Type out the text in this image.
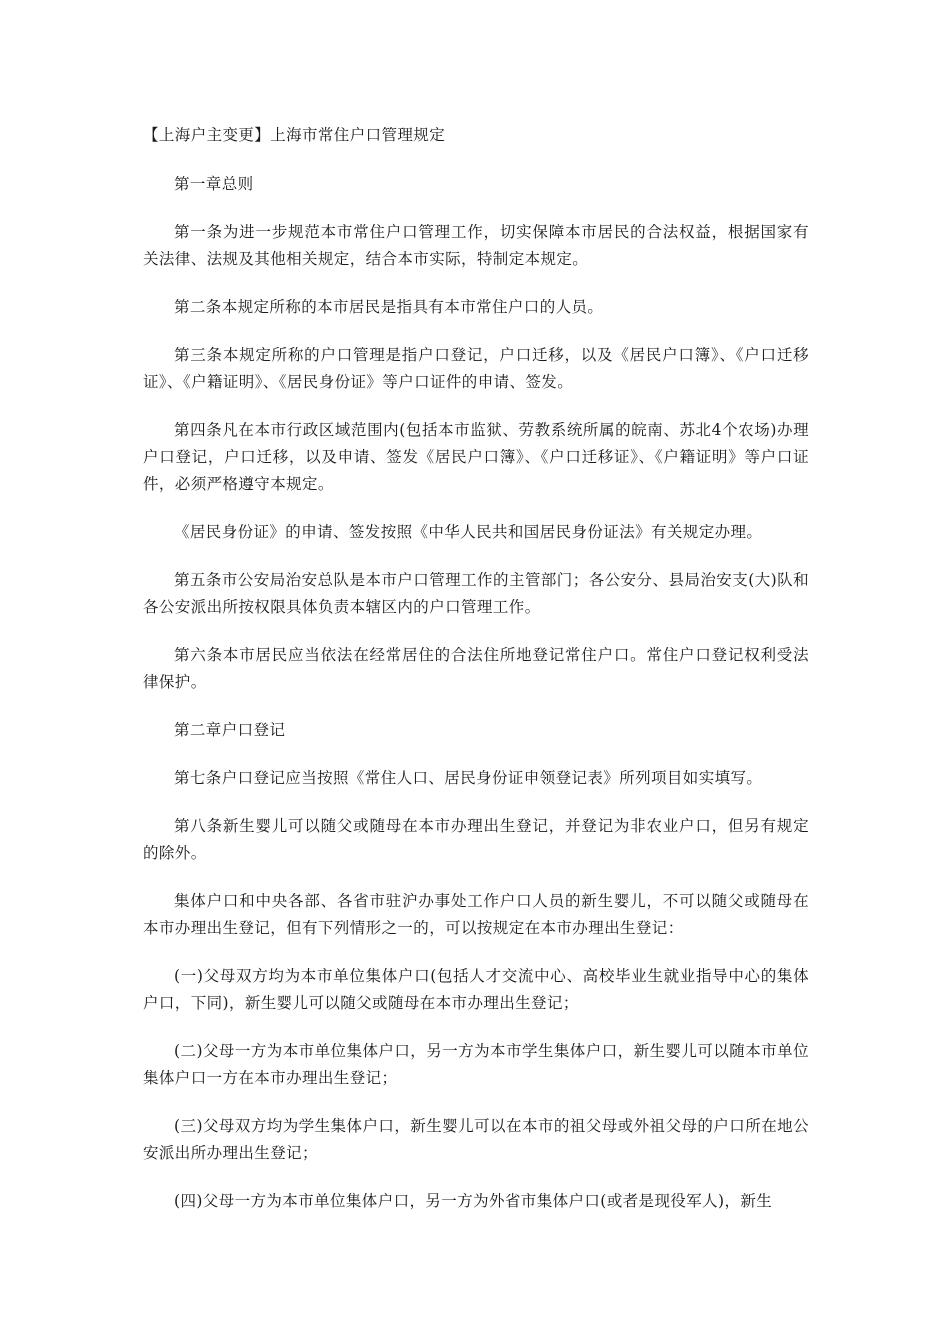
【上海户主变更】上海市常住户口管理规定

第一章总则

第一条为进一步规范本市常住户口管理工作，切实保障本市居民的合法权益，根据国家有关法律、法规及其他相关规定，结合本市实际，特制定本规定。

第二条本规定所称的本市居民是指具有本市常住户口的人员。

第三条本规定所称的户口管理是指户口登记，户口迁移，以及《居民户口簿》、《户口迁移证》、《户籍证明》、《居民身份证》等户口证件的申请、签发。

第四条凡在本市行政区域范围内(包括本市监狱、劳教系统所属的皖南、苏北4个农场)办理户口登记，户口迁移，以及申请、签发《居民户口簿》、《户口迁移证》、《户籍证明》等户口证件，必须严格遵守本规定。

《居民身份证》的申请、签发按照《中华人民共和国居民身份证法》有关规定办理。

第五条市公安局治安总队是本市户口管理工作的主管部门；各公安分、县局治安支(大)队和各公安派出所按权限具体负责本辖区内的户口管理工作。

第六条本市居民应当依法在经常居住的合法住所地登记常住户口。常住户口登记权利受法律保护。

第二章户口登记

第七条户口登记应当按照《常住人口、居民身份证申领登记表》所列项目如实填写。

第八条新生婴儿可以随父或随母在本市办理出生登记，并登记为非农业户口，但另有规定的除外。

集体户口和中央各部、各省市驻沪办事处工作户口人员的新生婴儿，不可以随父或随母在本市办理出生登记，但有下列情形之一的，可以按规定在本市办理出生登记：

(一)父母双方均为本市单位集体户口(包括人才交流中心、高校毕业生就业指导中心的集体户口，下同)，新生婴儿可以随父或随母在本市办理出生登记；

(二)父母一方为本市单位集体户口，另一方为本市学生集体户口，新生婴儿可以随本市单位集体户口一方在本市办理出生登记；

(三)父母双方均为学生集体户口，新生婴儿可以在本市的祖父母或外祖父母的户口所在地公安派出所办理出生登记；

(四)父母一方为本市单位集体户口，另一方为外省市集体户口(或者是现役军人)，新生
